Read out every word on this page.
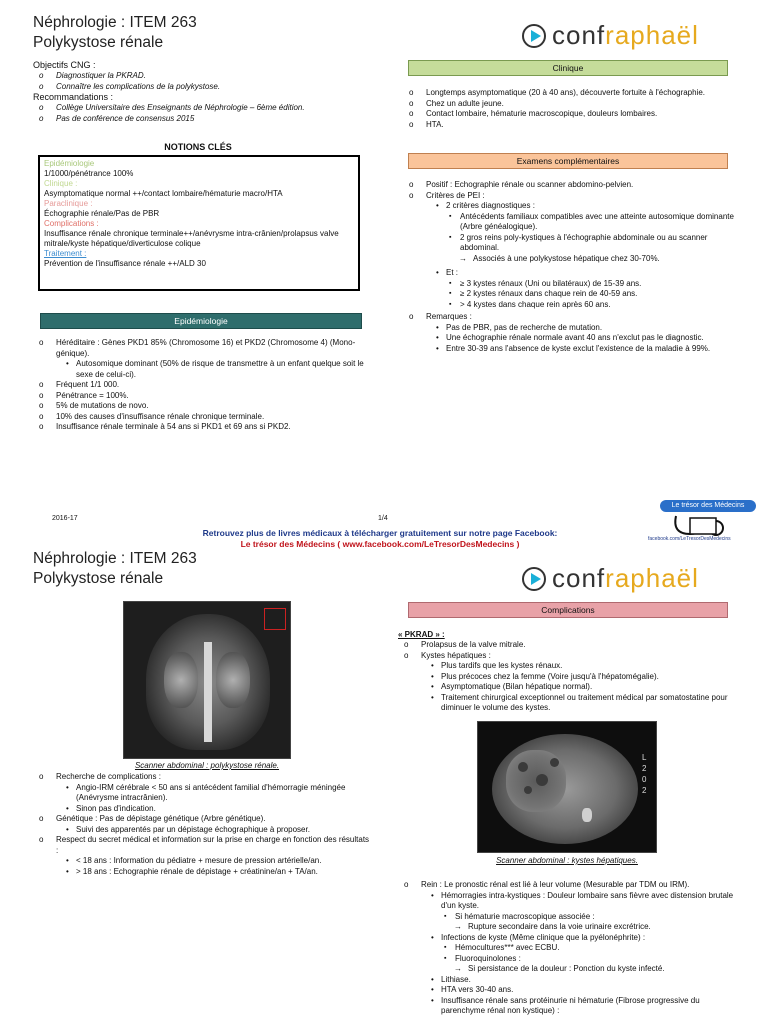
Néphrologie : ITEM 263
Polykystose rénale	confraphaël
Objectifs CNG :
o Diagnostiquer la PKRAD.
o Connaître les complications de la polykystose.
Recommandations :
o Collège Universitaire des Enseignants de Néphrologie – 6ème édition.
o Pas de conférence de consensus 2015
NOTIONS CLÉS
Epidémiologie
1/1000/pénétrance 100%
Clinique :
Asymptomatique normal ++/contact lombaire/hématurie macro/HTA
Paraclinique :
Échographie rénale/Pas de PBR
Complications :
Insuffisance rénale chronique terminale++/anévrysme intra-crânien/prolapsus valve mitrale/kyste hépatique/diverticulose colique
Traitement :
Prévention de l'insuffisance rénale ++/ALD 30
Epidémiologie
o Héréditaire : Gènes PKD1 85% (Chromosome 16) et PKD2 (Chromosome 4) (Mono-génique).
• Autosomique dominant (50% de risque de transmettre à un enfant quelque soit le sexe de celui-ci).
o Fréquent 1/1 000.
o Pénétrance = 100%.
o 5% de mutations de novo.
o 10% des causes d'insuffisance rénale chronique terminale.
o Insuffisance rénale terminale à 54 ans si PKD1 et 69 ans si PKD2.
Clinique
o Longtemps asymptomatique (20 à 40 ans), découverte fortuite à l'échographie.
o Chez un adulte jeune.
o Contact lombaire, hématurie macroscopique, douleurs lombaires.
o HTA.
Examens complémentaires
o Positif : Echographie rénale ou scanner abdomino-pelvien.
o Critères de PEI :
• 2 critères diagnostiques :
▪ Antécédents familiaux compatibles avec une atteinte autosomique dominante (Arbre généalogique).
▪ 2 gros reins poly-kystiques à l'échographie abdominale ou au scanner abdominal.
→ Associés à une polykystose hépatique chez 30-70%.
• Et :
▪ ≥ 3 kystes rénaux (Uni ou bilatéraux) de 15-39 ans.
▪ ≥ 2 kystes rénaux dans chaque rein de 40-59 ans.
▪ > 4 kystes dans chaque rein après 60 ans.
o Remarques :
• Pas de PBR, pas de recherche de mutation.
• Une échographie rénale normale avant 40 ans n'exclut pas le diagnostic.
• Entre 30-39 ans l'absence de kyste exclut l'existence de la maladie à 99%.
2016-17	1/4
Retrouvez plus de livres médicaux à télécharger gratuitement sur notre page Facebook:
Le trésor des Médecins ( www.facebook.com/LeTresorDesMedecins )
Le trésor des Médecins
facebook.com/LeTresorDesMedecins
Néphrologie : ITEM 263
Polykystose rénale	confraphaël
Scanner abdominal : polykystose rénale.
o Recherche de complications :
• Angio-IRM cérébrale < 50 ans si antécédent familial d'hémorragie méningée (Anévrysme intracrânien).
• Sinon pas d'indication.
o Génétique : Pas de dépistage génétique (Arbre génétique).
• Suivi des apparentés par un dépistage échographique à proposer.
o Respect du secret médical et information sur la prise en charge en fonction des résultats :
• < 18 ans : Information du pédiatre + mesure de pression artérielle/an.
• > 18 ans : Echographie rénale de dépistage + créatinine/an + TA/an.
Complications
« PKRAD » :
o Prolapsus de la valve mitrale.
o Kystes hépatiques :
• Plus tardifs que les kystes rénaux.
• Plus précoces chez la femme (Voire jusqu'à l'hépatomégalie).
• Asymptomatique (Bilan hépatique normal).
• Traitement chirurgical exceptionnel ou traitement médical par somatostatine pour diminuer le volume des kystes.
L 2 0 2
Scanner abdominal : kystes hépatiques.
o Rein : Le pronostic rénal est lié à leur volume (Mesurable par TDM ou IRM).
• Hémorragies intra-kystiques : Douleur lombaire sans fièvre avec distension brutale d'un kyste.
▪ Si hématurie macroscopique associée :
→ Rupture secondaire dans la voie urinaire excrétrice.
• Infections de kyste (Même clinique que la pyélonéphrite) :
▪ Hémocultures*** avec ECBU.
▪ Fluoroquinolones :
→ Si persistance de la douleur : Ponction du kyste infecté.
• Lithiase.
• HTA vers 30-40 ans.
• Insuffisance rénale sans protéinurie ni hématurie (Fibrose progressive du parenchyme rénal non kystique) :
